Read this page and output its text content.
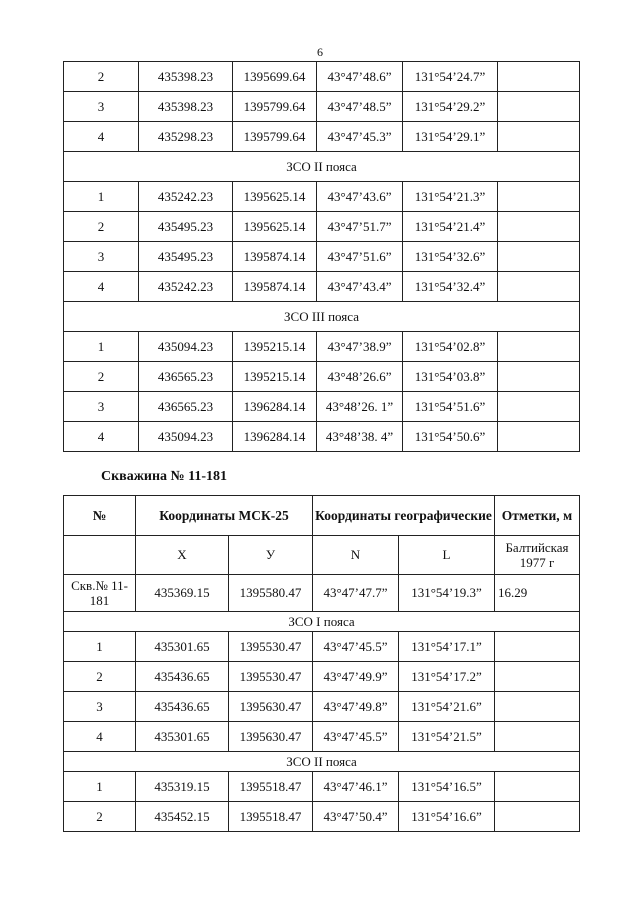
6
2	435398.23	1395699.64	43°47’48.6”	131°54’24.7”	
3	435398.23	1395799.64	43°47’48.5”	131°54’29.2”	
4	435298.23	1395799.64	43°47’45.3”	131°54’29.1”	
ЗСО II пояса					
1	435242.23	1395625.14	43°47’43.6”	131°54’21.3”	
2	435495.23	1395625.14	43°47’51.7”	131°54’21.4”	
3	435495.23	1395874.14	43°47’51.6”	131°54’32.6”	
4	435242.23	1395874.14	43°47’43.4”	131°54’32.4”	
ЗСО III пояса					
1	435094.23	1395215.14	43°47’38.9”	131°54’02.8”	
2	436565.23	1395215.14	43°48’26.6”	131°54’03.8”	
3	436565.23	1396284.14	43°48’26. 1”	131°54’51.6”	
4	435094.23	1396284.14	43°48’38. 4”	131°54’50.6”	
Скважина № 11-181
№	Координаты МСК-25		Координаты географические		Отметки, м
	X	У	N	L	Балтийская 1977 г
Скв.№ 11-181	435369.15	1395580.47	43°47’47.7”	131°54’19.3”	16.29
ЗСО I пояса					
1	435301.65	1395530.47	43°47’45.5”	131°54’17.1”	
2	435436.65	1395530.47	43°47’49.9”	131°54’17.2”	
3	435436.65	1395630.47	43°47’49.8”	131°54’21.6”	
4	435301.65	1395630.47	43°47’45.5”	131°54’21.5”	
ЗСО II пояса					
1	435319.15	1395518.47	43°47’46.1”	131°54’16.5”	
2	435452.15	1395518.47	43°47’50.4”	131°54’16.6”	
